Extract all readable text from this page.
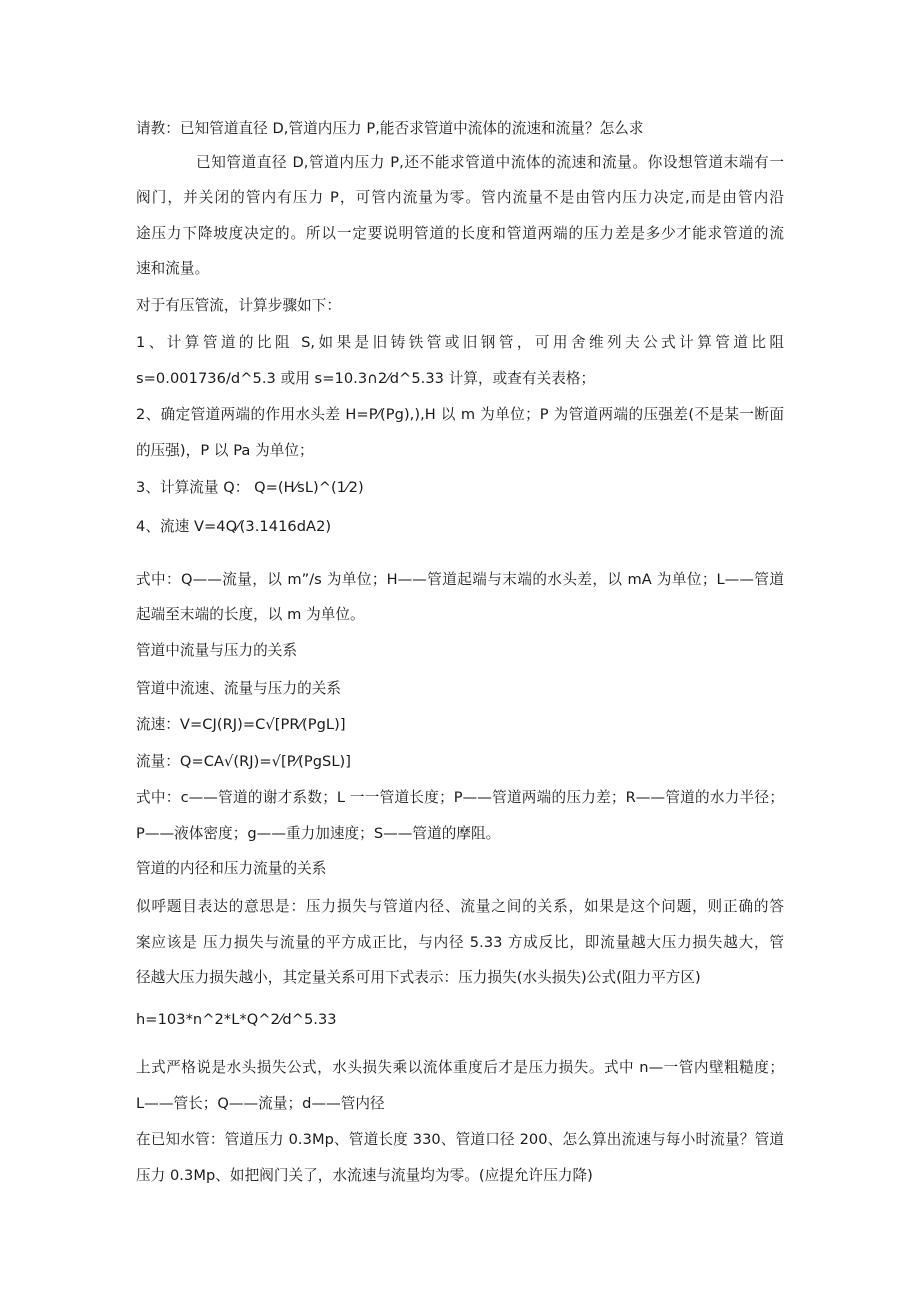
请教：已知管道直径 D,管道内压力 P,能否求管道中流体的流速和流量？怎么求
已知管道直径 D,管道内压力 P,还不能求管道中流体的流速和流量。你设想管道末端有一
阀门，并关闭的管内有压力 P，可管内流量为零。管内流量不是由管内压力决定,而是由管内沿
途压力下降坡度决定的。所以一定要说明管道的长度和管道两端的压力差是多少才能求管道的流
速和流量。
对于有压管流，计算步骤如下：
1、计算管道的比阻 S,如果是旧铸铁管或旧钢管，可用舍维列夫公式计算管道比阻
s=0.001736/d^5.3 或用 s=10.3∩2⁄d^5.33 计算，或查有关表格；
2、确定管道两端的作用水头差 H=P⁄(Pg),),H 以 m 为单位；P 为管道两端的压强差(不是某一断面
的压强)，P 以 Pa 为单位；
3、计算流量 Q： Q=(H⁄sL)^(1⁄2)
4、流速 V=4Q⁄(3.1416dA2)
式中：Q——流量，以 m”/s 为单位；H——管道起端与末端的水头差，以 mA 为单位；L——管道
起端至末端的长度，以 m 为单位。
管道中流量与压力的关系
管道中流速、流量与压力的关系
流速：V=CJ(RJ)=C√[PR⁄(PgL)]
流量：Q=CA√(RJ)=√[P⁄(PgSL)]
式中：c——管道的谢才系数；L 一一管道长度；P——管道两端的压力差；R——管道的水力半径；
P——液体密度；g——重力加速度；S——管道的摩阻。
管道的内径和压力流量的关系
似呼题目表达的意思是：压力损失与管道内径、流量之间的关系，如果是这个问题，则正确的答
案应该是 压力损失与流量的平方成正比，与内径 5.33 方成反比，即流量越大压力损失越大，管
径越大压力损失越小，其定量关系可用下式表示：压力损失(水头损失)公式(阻力平方区)
h=103*n^2*L*Q^2⁄d^5.33
上式严格说是水头损失公式，水头损失乘以流体重度后才是压力损失。式中 n—一管内壁粗糙度；
L——管长；Q——流量；d——管内径
在已知水管：管道压力 0.3Mp、管道长度 330、管道口径 200、怎么算出流速与每小时流量？管道
压力 0.3Mp、如把阀门关了，水流速与流量均为零。(应提允许压力降)
